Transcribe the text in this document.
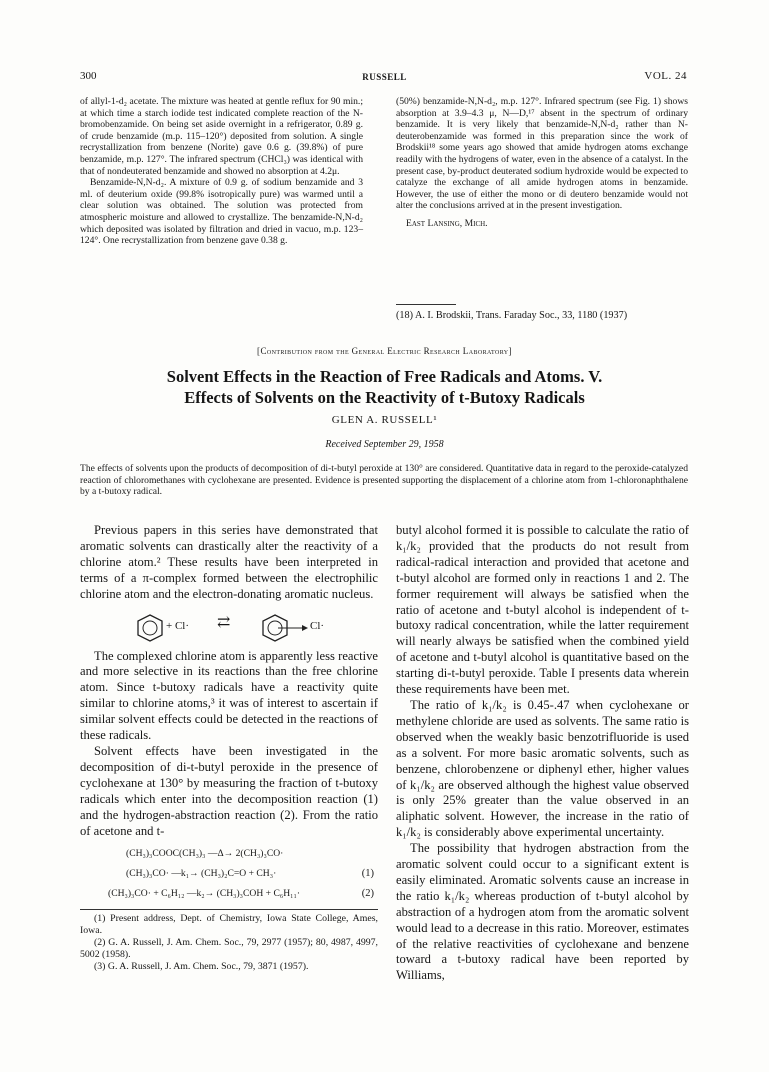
300	RUSSELL	VOL. 24

of allyl-1-d₂ acetate. The mixture was heated at gentle reflux for 90 min.; at which time a starch iodide test indicated complete reaction of the N-bromobenzamide. On being set aside overnight in a refrigerator, 0.89 g. of crude benzamide (m.p. 115–120°) deposited from solution. A single recrystallization from benzene (Norite) gave 0.6 g. (39.8%) of pure benzamide, m.p. 127°. The infrared spectrum (CHCl₃) was identical with that of nondeuterated benzamide and showed no absorption at 4.2μ.

Benzamide-N,N-d₂. A mixture of 0.9 g. of sodium benzamide and 3 ml. of deuterium oxide (99.8% isotropically pure) was warmed until a clear solution was obtained. The solution was protected from atmospheric moisture and allowed to crystallize. The benzamide-N,N-d₂ which deposited was isolated by filtration and dried in vacuo, m.p. 123–124°. One recrystallization from benzene gave 0.38 g.

(50%) benzamide-N,N-d₂, m.p. 127°. Infrared spectrum (see Fig. 1) shows absorption at 3.9–4.3 μ, N—D,¹⁷ absent in the spectrum of ordinary benzamide. It is very likely that benzamide-N,N-d₂ rather than N-deuterobenzamide was formed in this preparation since the work of Brodskii¹⁸ some years ago showed that amide hydrogen atoms exchange readily with the hydrogens of water, even in the absence of a catalyst. In the present case, by-product deuterated sodium hydroxide would be expected to catalyze the exchange of all amide hydrogen atoms in benzamide. However, the use of either the mono or di deutero benzamide would not alter the conclusions arrived at in the present investigation.

East Lansing, Mich.

(18) A. I. Brodskii, Trans. Faraday Soc., 33, 1180 (1937)
[Contribution from the General Electric Research Laboratory]
Solvent Effects in the Reaction of Free Radicals and Atoms. V.
Effects of Solvents on the Reactivity of t-Butoxy Radicals
GLEN A. RUSSELL¹
Received September 29, 1958
The effects of solvents upon the products of decomposition of di-t-butyl peroxide at 130° are considered. Quantitative data in regard to the peroxide-catalyzed reaction of chloromethanes with cyclohexane are presented. Evidence is presented supporting the displacement of a chlorine atom from 1-chloronaphthalene by a t-butoxy radical.

Previous papers in this series have demonstrated that aromatic solvents can drastically alter the reactivity of a chlorine atom.² These results have been interpreted in terms of a π-complex formed between the electrophilic chlorine atom and the electron-donating aromatic nucleus.

+ Cl· ⇄	Cl·

The complexed chlorine atom is apparently less reactive and more selective in its reactions than the free chlorine atom. Since t-butoxy radicals have a reactivity quite similar to chlorine atoms,³ it was of interest to ascertain if similar solvent effects could be detected in the reactions of these radicals.

Solvent effects have been investigated in the decomposition of di-t-butyl peroxide in the presence of cyclohexane at 130° by measuring the fraction of t-butoxy radicals which enter into the decomposition reaction (1) and the hydrogen-abstraction reaction (2). From the ratio of acetone and t-

(CH₃)₃COOC(CH₃)₃ —Δ→ 2(CH₃)₃CO·
(CH₃)₃CO· —k₁→ (CH₃)₂C=O + CH₃·	(1)
(CH₃)₃CO· + C₆H₁₂ —k₂→ (CH₃)₃COH + C₆H₁₁·	(2)

(1) Present address, Dept. of Chemistry, Iowa State College, Ames, Iowa.

(2) G. A. Russell, J. Am. Chem. Soc., 79, 2977 (1957); 80, 4987, 4997, 5002 (1958).

(3) G. A. Russell, J. Am. Chem. Soc., 79, 3871 (1957).

butyl alcohol formed it is possible to calculate the ratio of k₁/k₂ provided that the products do not result from radical-radical interaction and provided that acetone and t-butyl alcohol are formed only in reactions 1 and 2. The former requirement will always be satisfied when the ratio of acetone and t-butyl alcohol is independent of t-butoxy radical concentration, while the latter requirement will nearly always be satisfied when the combined yield of acetone and t-butyl alcohol is quantitative based on the starting di-t-butyl peroxide. Table I presents data wherein these requirements have been met.

The ratio of k₁/k₂ is 0.45-.47 when cyclohexane or methylene chloride are used as solvents. The same ratio is observed when the weakly basic benzotrifluoride is used as a solvent. For more basic aromatic solvents, such as benzene, chlorobenzene or diphenyl ether, higher values of k₁/k₂ are observed although the highest value observed is only 25% greater than the value observed in an aliphatic solvent. However, the increase in the ratio of k₁/k₂ is considerably above experimental uncertainty.

The possibility that hydrogen abstraction from the aromatic solvent could occur to a significant extent is easily eliminated. Aromatic solvents cause an increase in the ratio k₁/k₂ whereas production of t-butyl alcohol by abstraction of a hydrogen atom from the aromatic solvent would lead to a decrease in this ratio. Moreover, estimates of the relative reactivities of cyclohexane and benzene toward a t-butoxy radical have been reported by Williams,
